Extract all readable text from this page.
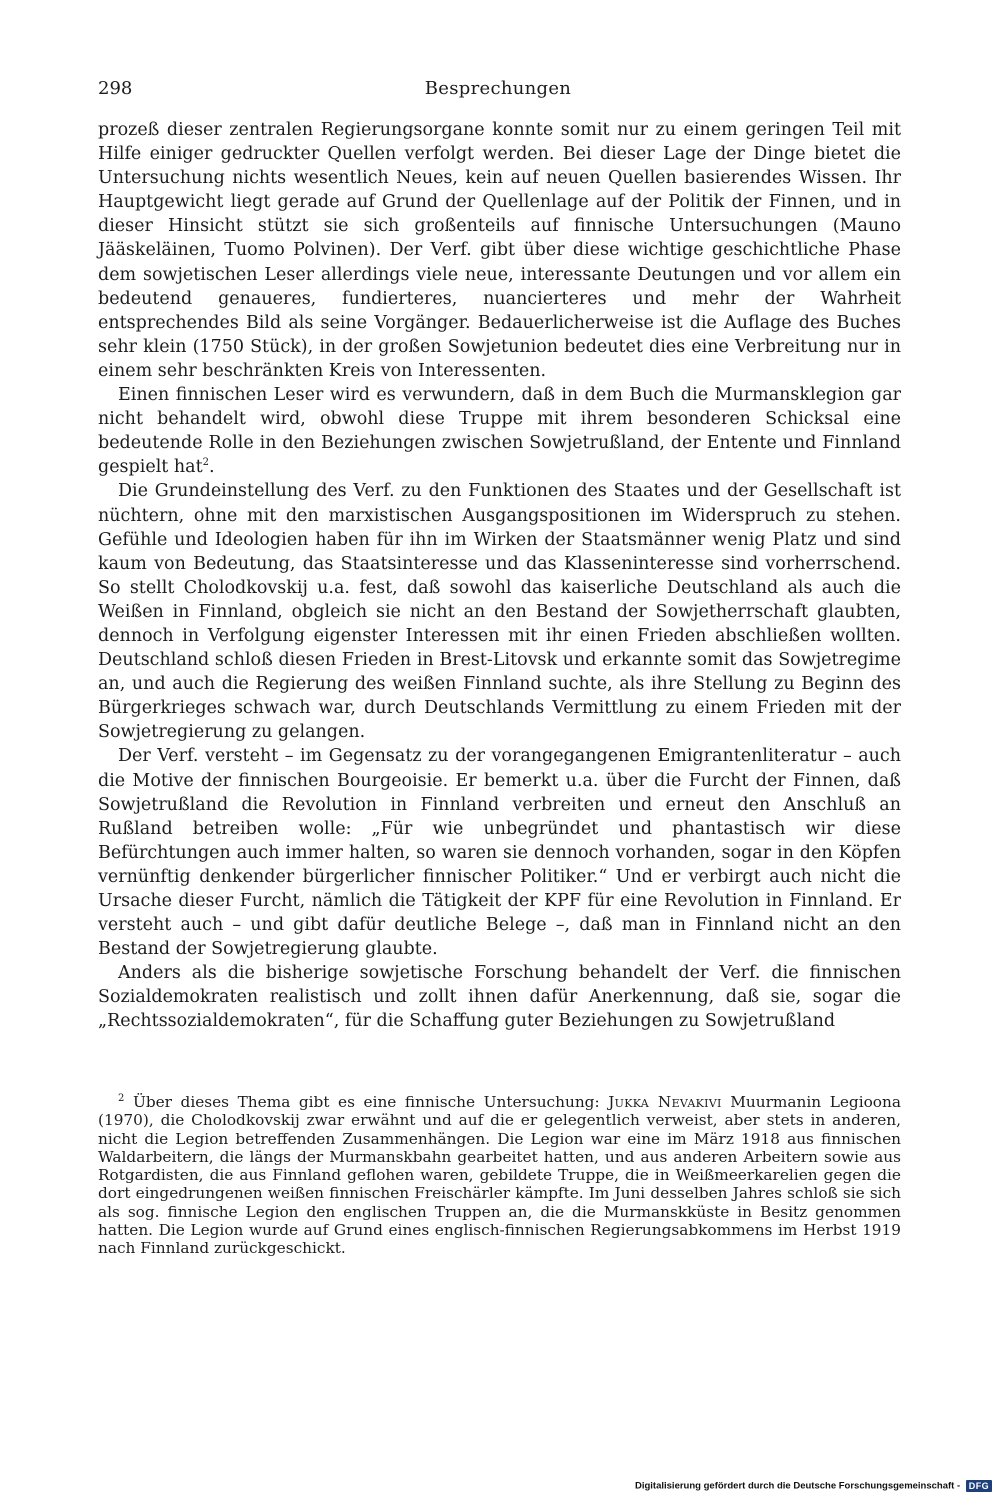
298	Besprechungen

prozeß dieser zentralen Regierungsorgane konnte somit nur zu einem geringen Teil mit Hilfe einiger gedruckter Quellen verfolgt werden. Bei dieser Lage der Dinge bietet die Untersuchung nichts wesentlich Neues, kein auf neuen Quellen basierendes Wissen. Ihr Hauptgewicht liegt gerade auf Grund der Quellenlage auf der Politik der Finnen, und in dieser Hinsicht stützt sie sich großenteils auf finnische Untersuchungen (Mauno Jääskeläinen, Tuomo Polvinen). Der Verf. gibt über diese wichtige geschichtliche Phase dem sowjetischen Leser allerdings viele neue, interessante Deutungen und vor allem ein bedeutend genaueres, fundierteres, nuancierteres und mehr der Wahrheit entsprechendes Bild als seine Vorgänger. Bedauerlicherweise ist die Auflage des Buches sehr klein (1750 Stück), in der großen Sowjetunion bedeutet dies eine Verbreitung nur in einem sehr beschränkten Kreis von Interessenten.

Einen finnischen Leser wird es verwundern, daß in dem Buch die Murmansklegion gar nicht behandelt wird, obwohl diese Truppe mit ihrem besonderen Schicksal eine bedeutende Rolle in den Beziehungen zwischen Sowjetrußland, der Entente und Finnland gespielt hat$^2$.

Die Grundeinstellung des Verf. zu den Funktionen des Staates und der Gesellschaft ist nüchtern, ohne mit den marxistischen Ausgangspositionen im Widerspruch zu stehen. Gefühle und Ideologien haben für ihn im Wirken der Staatsmänner wenig Platz und sind kaum von Bedeutung, das Staatsinteresse und das Klasseninteresse sind vorherrschend. So stellt Cholodkovskij u.a. fest, daß sowohl das kaiserliche Deutschland als auch die Weißen in Finnland, obgleich sie nicht an den Bestand der Sowjetherrschaft glaubten, dennoch in Verfolgung eigenster Interessen mit ihr einen Frieden abschließen wollten. Deutschland schloß diesen Frieden in Brest-Litovsk und erkannte somit das Sowjetregime an, und auch die Regierung des weißen Finnland suchte, als ihre Stellung zu Beginn des Bürgerkrieges schwach war, durch Deutschlands Vermittlung zu einem Frieden mit der Sowjetregierung zu gelangen.

Der Verf. versteht – im Gegensatz zu der vorangegangenen Emigrantenliteratur – auch die Motive der finnischen Bourgeoisie. Er bemerkt u.a. über die Furcht der Finnen, daß Sowjetrußland die Revolution in Finnland verbreiten und erneut den Anschluß an Rußland betreiben wolle: „Für wie unbegründet und phantastisch wir diese Befürchtungen auch immer halten, so waren sie dennoch vorhanden, sogar in den Köpfen vernünftig denkender bürgerlicher finnischer Politiker.“ Und er verbirgt auch nicht die Ursache dieser Furcht, nämlich die Tätigkeit der KPF für eine Revolution in Finnland. Er versteht auch – und gibt dafür deutliche Belege –, daß man in Finnland nicht an den Bestand der Sowjetregierung glaubte.

Anders als die bisherige sowjetische Forschung behandelt der Verf. die finnischen Sozialdemokraten realistisch und zollt ihnen dafür Anerkennung, daß sie, sogar die „Rechtssozialdemokraten“, für die Schaffung guter Beziehungen zu Sowjetrußland

$^2$ Über dieses Thema gibt es eine finnische Untersuchung: Jukka Nevakivi Muurmanin Legioona (1970), die Cholodkovskij zwar erwähnt und auf die er gelegentlich verweist, aber stets in anderen, nicht die Legion betreffenden Zusammenhängen. Die Legion war eine im März 1918 aus finnischen Waldarbeitern, die längs der Murmanskbahn gearbeitet hatten, und aus anderen Arbeitern sowie aus Rotgardisten, die aus Finnland geflohen waren, gebildete Truppe, die in Weißmeerkarelien gegen die dort eingedrungenen weißen finnischen Freischärler kämpfte. Im Juni desselben Jahres schloß sie sich als sog. finnische Legion den englischen Truppen an, die die Murmanskküste in Besitz genommen hatten. Die Legion wurde auf Grund eines englisch-finnischen Regierungsabkommens im Herbst 1919 nach Finnland zurückgeschickt.

Digitalisierung gefördert durch die Deutsche Forschungsgemeinschaft - DFG
